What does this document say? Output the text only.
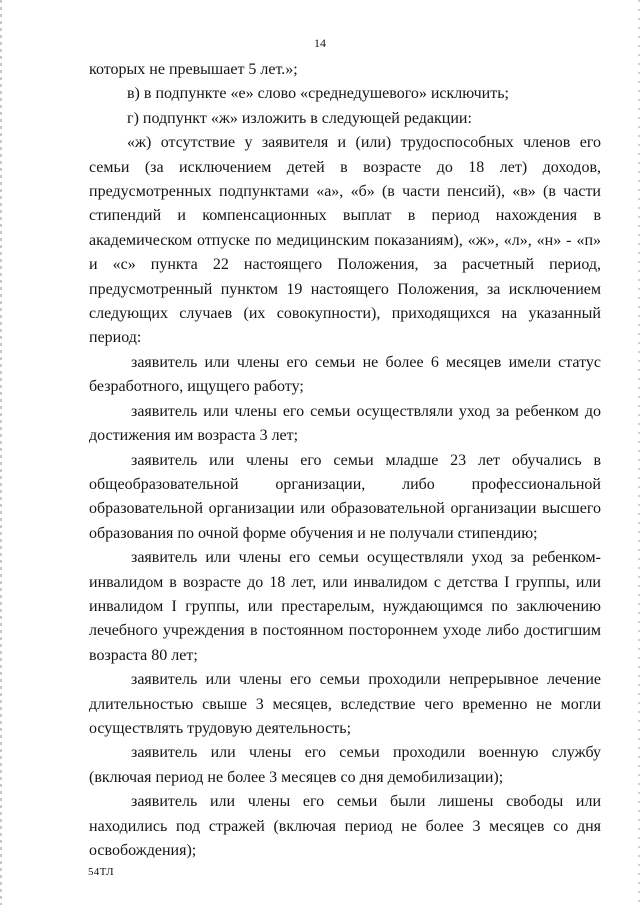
14

которых не превышает 5 лет.»;

в) в подпункте «е» слово «среднедушевого» исключить;

г) подпункт «ж» изложить в следующей редакции:

«ж) отсутствие у заявителя и (или) трудоспособных членов его семьи (за исключением детей в возрасте до 18 лет) доходов, предусмотренных подпунктами «а», «б» (в части пенсий), «в» (в части стипендий и компенсационных выплат в период нахождения в академическом отпуске по медицинским показаниям), «ж», «л», «н» - «п» и «с» пункта 22 настоящего Положения, за расчетный период, предусмотренный пунктом 19 настоящего Положения, за исключением следующих случаев (их совокупности), приходящихся на указанный период:

заявитель или члены его семьи не более 6 месяцев имели статус безработного, ищущего работу;

заявитель или члены его семьи осуществляли уход за ребенком до достижения им возраста 3 лет;

заявитель или члены его семьи младше 23 лет обучались в общеобразовательной организации, либо профессиональной образовательной организации или образовательной организации высшего образования по очной форме обучения и не получали стипендию;

заявитель или члены его семьи осуществляли уход за ребенком-инвалидом в возрасте до 18 лет, или инвалидом с детства I группы, или инвалидом I группы, или престарелым, нуждающимся по заключению лечебного учреждения в постоянном постороннем уходе либо достигшим возраста 80 лет;

заявитель или члены его семьи проходили непрерывное лечение длительностью свыше 3 месяцев, вследствие чего временно не могли осуществлять трудовую деятельность;

заявитель или члены его семьи проходили военную службу (включая период не более 3 месяцев со дня демобилизации);

заявитель или члены его семьи были лишены свободы или находились под стражей (включая период не более 3 месяцев со дня освобождения);

54ТЛ
